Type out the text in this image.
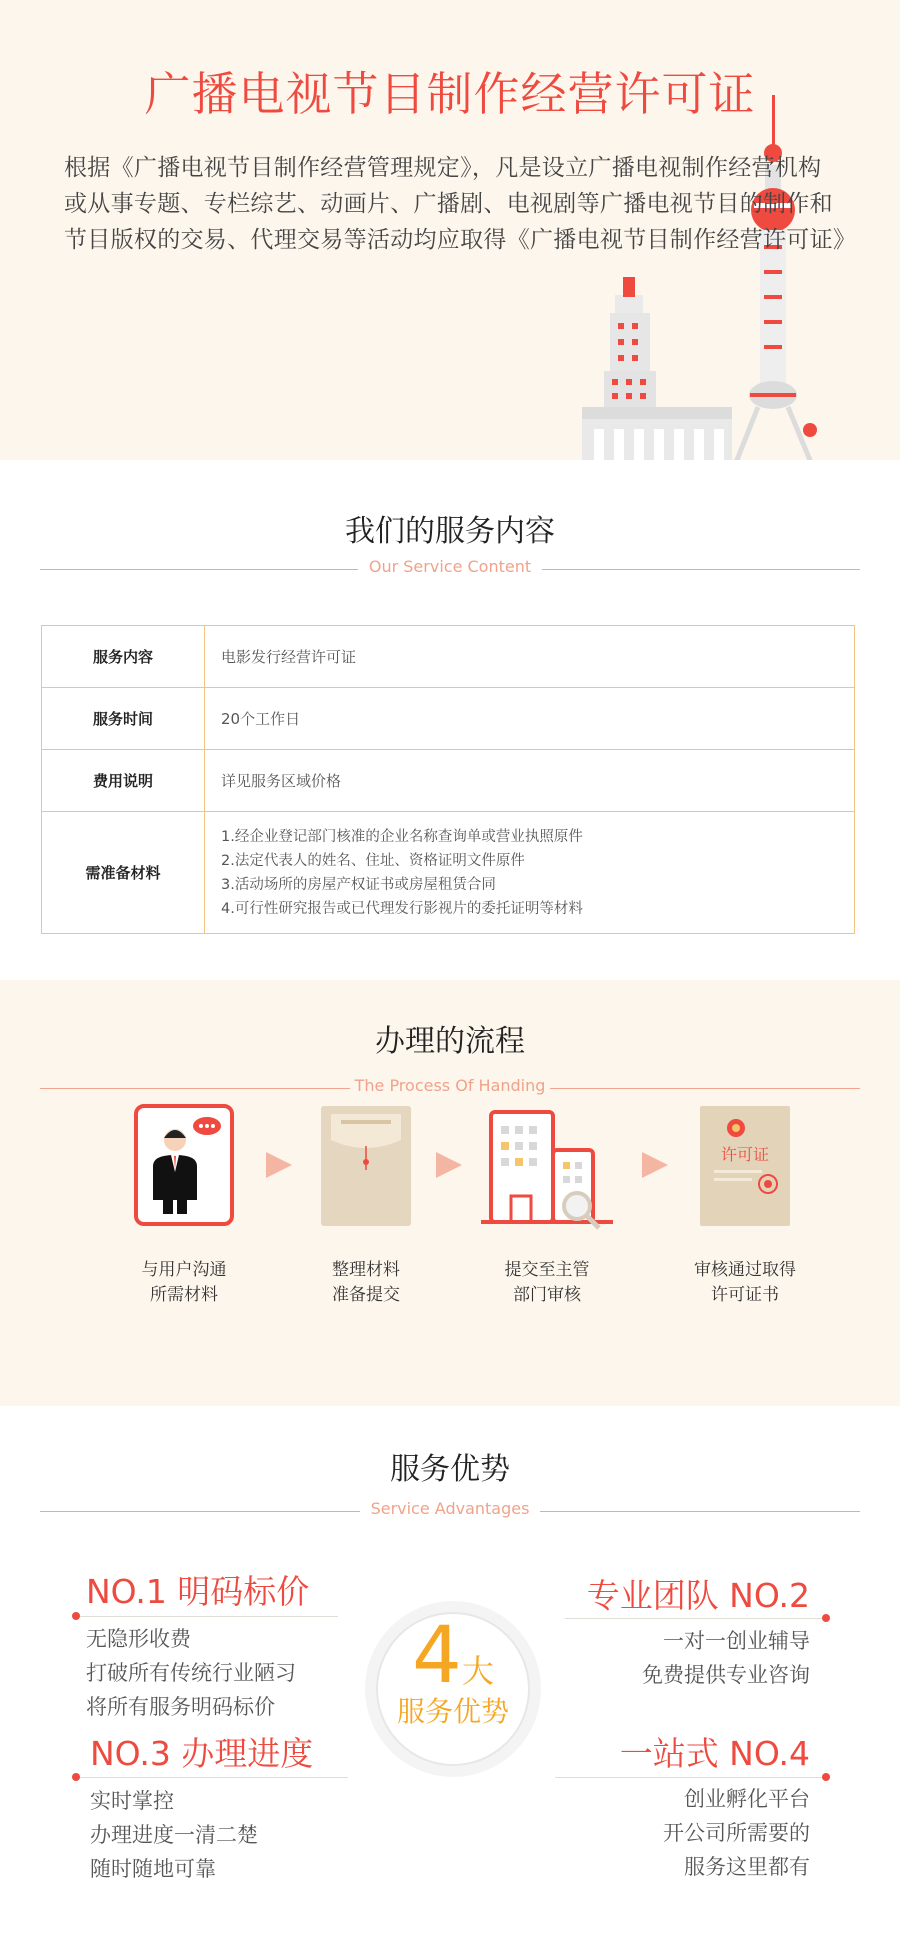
广播电视节目制作经营许可证
根据《广播电视节目制作经营管理规定》，凡是设立广播电视制作经营机构
或从事专题、专栏综艺、动画片、广播剧、电视剧等广播电视节目的制作和
节目版权的交易、代理交易等活动均应取得《广播电视节目制作经营许可证》
我们的服务内容
Our Service Content
服务内容	电影发行经营许可证
服务时间	20个工作日
费用说明	详见服务区域价格
需准备材料	1.经企业登记部门核准的企业名称查询单或营业执照原件
2.法定代表人的姓名、住址、资格证明文件原件
3.活动场所的房屋产权证书或房屋租赁合同
4.可行性研究报告或已代理发行影视片的委托证明等材料
办理的流程
The Process Of Handing
与用户沟通
所需材料
整理材料
准备提交
提交至主管
部门审核
许可证
审核通过取得
许可证书
服务优势
Service Advantages
4大
服务优势
NO.1 明码标价
无隐形收费
打破所有传统行业陋习
将所有服务明码标价
专业团队 NO.2
一对一创业辅导
免费提供专业咨询
NO.3 办理进度
实时掌控
办理进度一清二楚
随时随地可靠
一站式 NO.4
创业孵化平台
开公司所需要的
服务这里都有
